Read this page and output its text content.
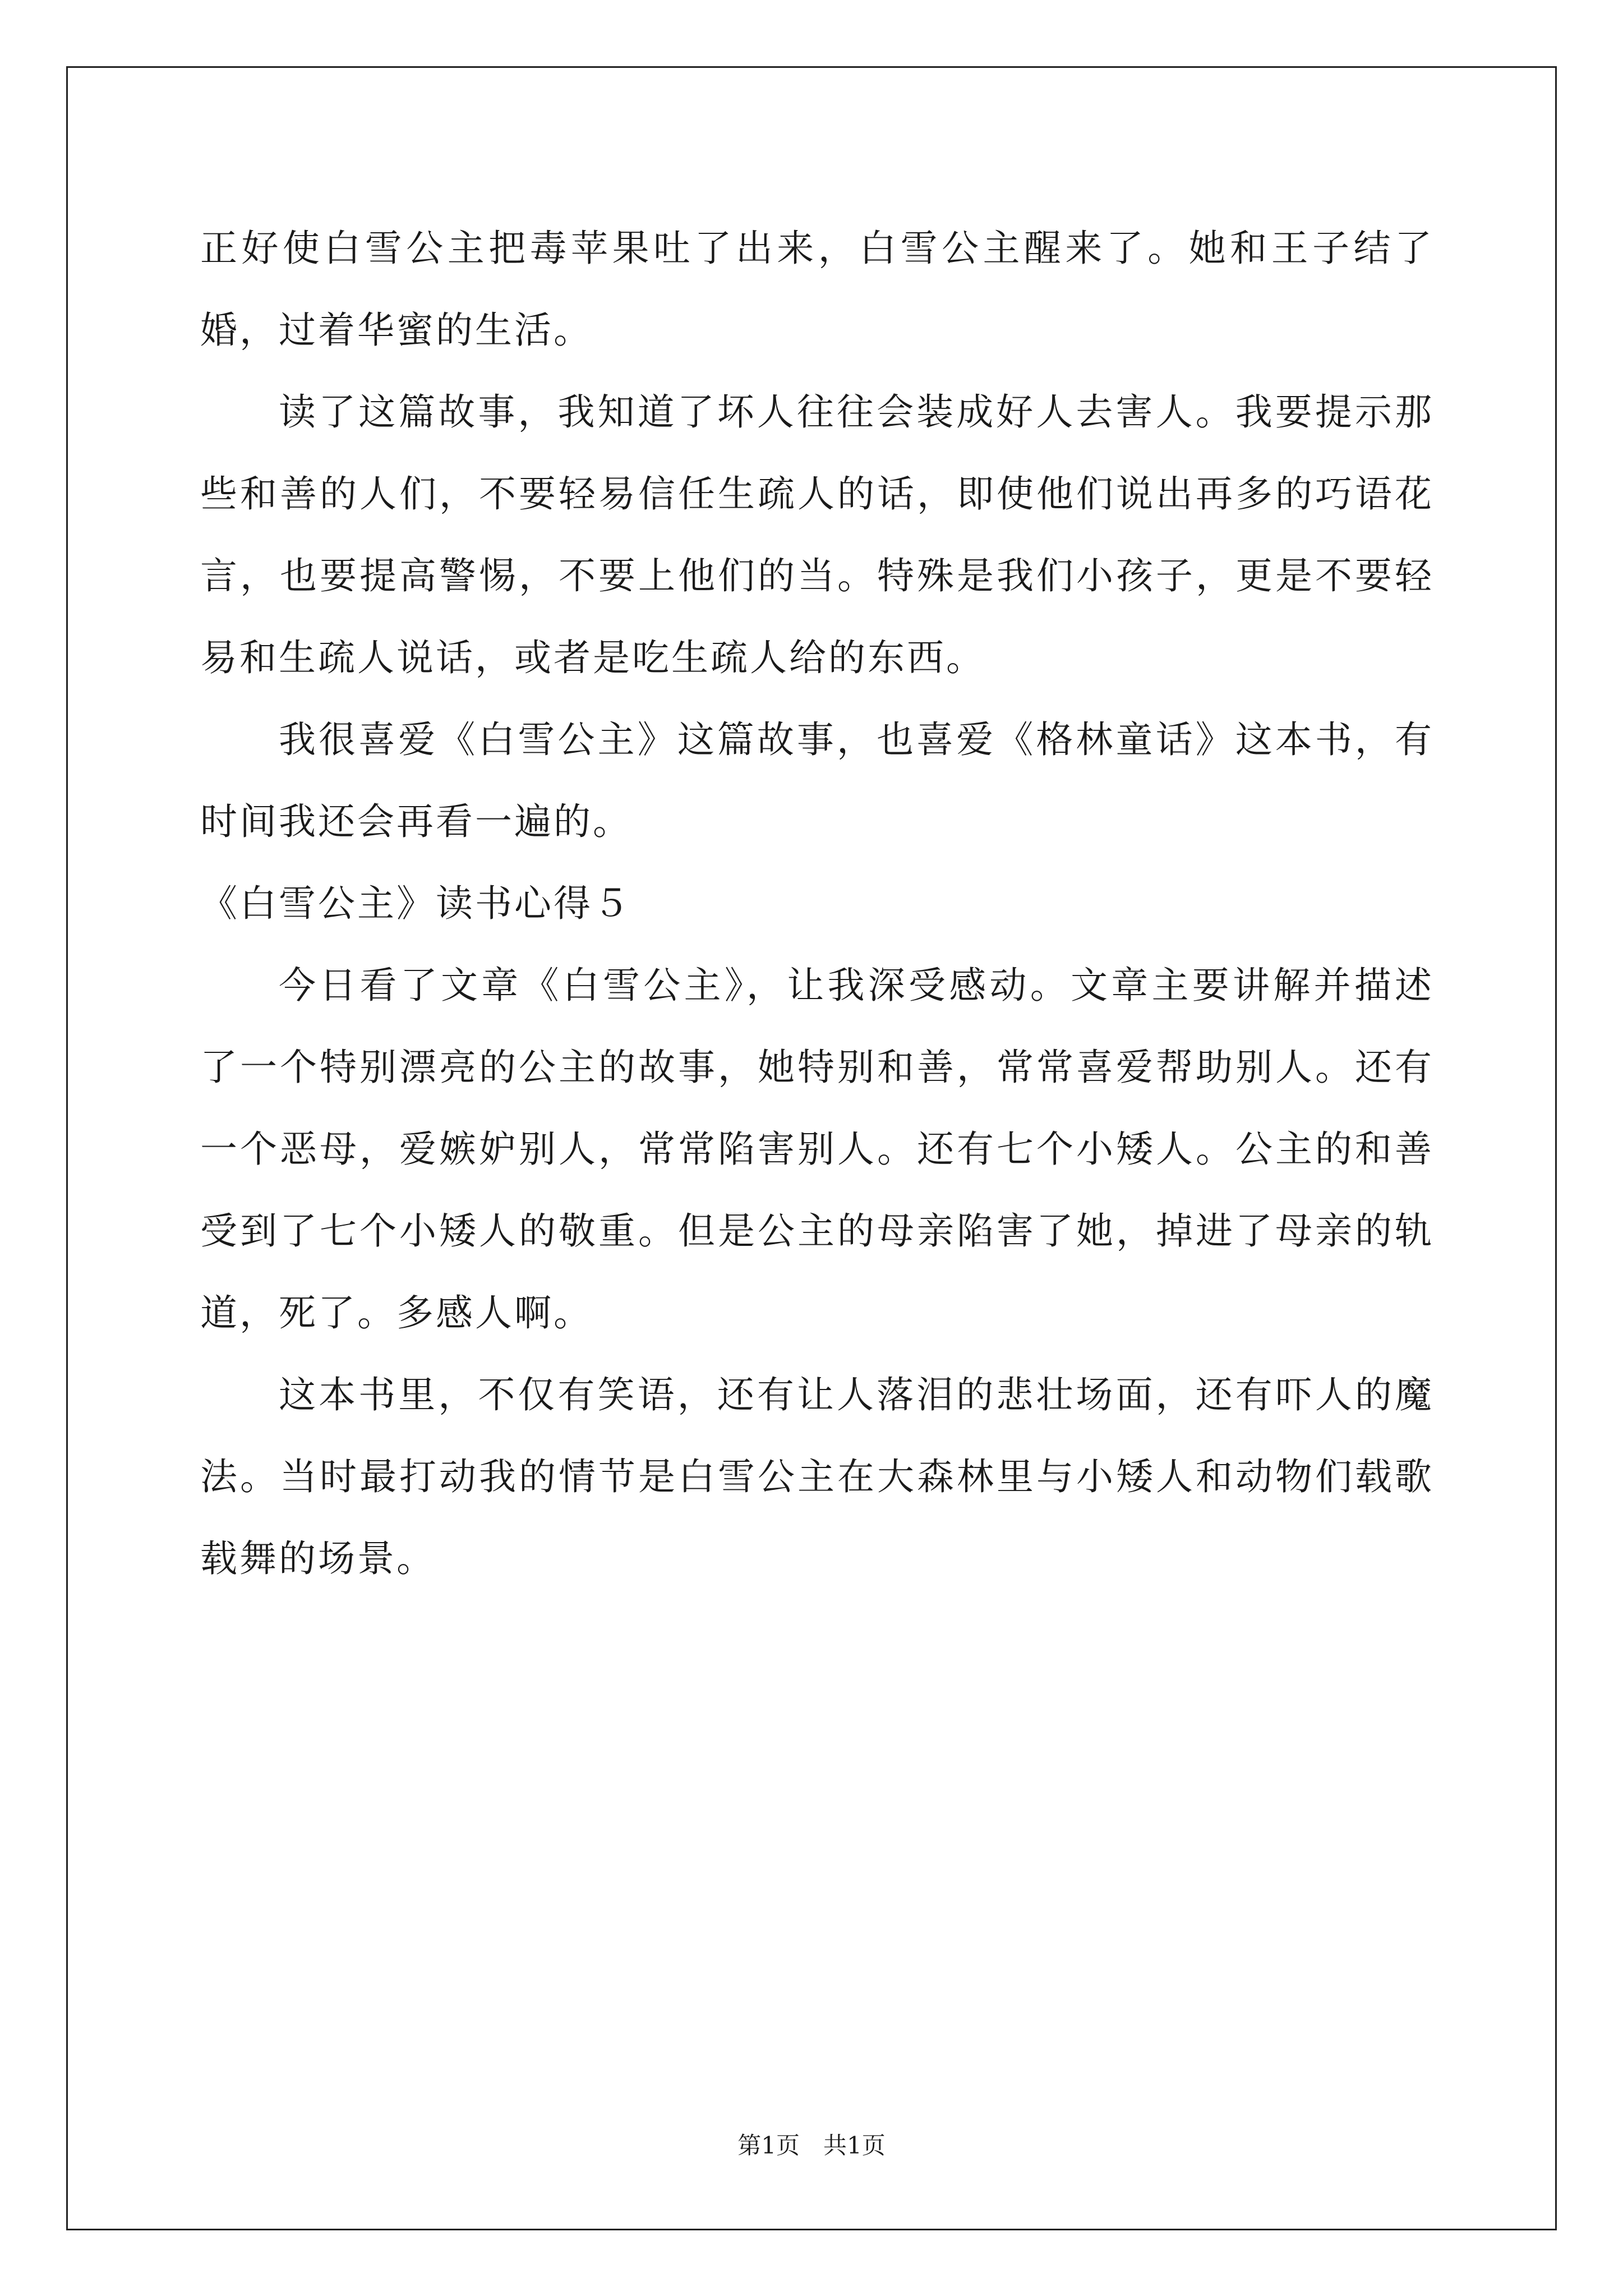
正好使白雪公主把毒苹果吐了出来，白雪公主醒来了。她和王子结了婚，过着华蜜的生活。

读了这篇故事，我知道了坏人往往会装成好人去害人。我要提示那些和善的人们，不要轻易信任生疏人的话，即使他们说出再多的巧语花言，也要提高警惕，不要上他们的当。特殊是我们小孩子，更是不要轻易和生疏人说话，或者是吃生疏人给的东西。

我很喜爱《白雪公主》这篇故事，也喜爱《格林童话》这本书，有时间我还会再看一遍的。

《白雪公主》读书心得５

今日看了文章《白雪公主》，让我深受感动。文章主要讲解并描述了一个特别漂亮的公主的故事，她特别和善，常常喜爱帮助别人。还有一个恶母，爱嫉妒别人，常常陷害别人。还有七个小矮人。公主的和善受到了七个小矮人的敬重。但是公主的母亲陷害了她，掉进了母亲的轨道，死了。多感人啊。

这本书里，不仅有笑语，还有让人落泪的悲壮场面，还有吓人的魔法。当时最打动我的情节是白雪公主在大森林里与小矮人和动物们载歌载舞的场景。

第1页　共1页
